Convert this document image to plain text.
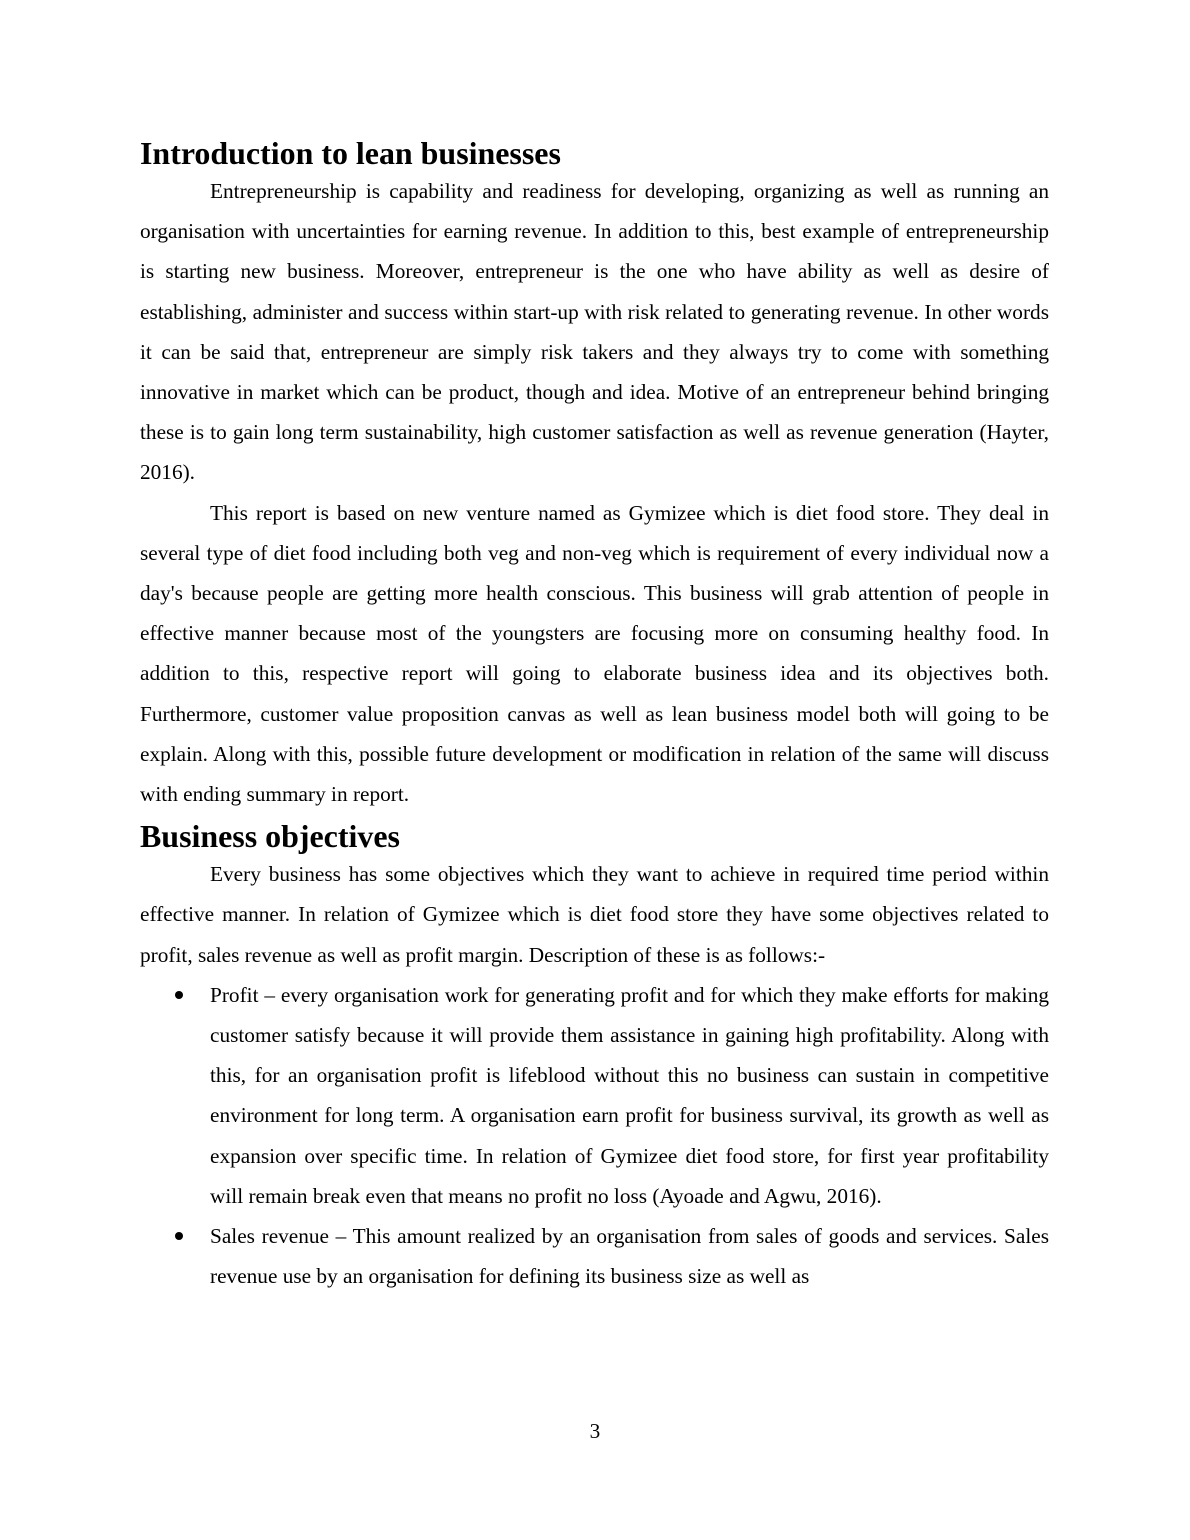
Introduction to lean businesses

Entrepreneurship is capability and readiness for developing, organizing as well as running an organisation with uncertainties for earning revenue. In addition to this, best example of entrepreneurship is starting new business. Moreover, entrepreneur is the one who have ability as well as desire of establishing, administer and success within start-up with risk related to generating revenue. In other words it can be said that, entrepreneur are simply risk takers and they always try to come with something innovative in market which can be product, though and idea. Motive of an entrepreneur behind bringing these is to gain long term sustainability, high customer satisfaction as well as revenue generation (Hayter, 2016).

This report is based on new venture named as Gymizee which is diet food store. They deal in several type of diet food including both veg and non-veg which is requirement of every individual now a day's because people are getting more health conscious. This business will grab attention of people in effective manner because most of the youngsters are focusing more on consuming healthy food. In addition to this, respective report will going to elaborate business idea and its objectives both. Furthermore, customer value proposition canvas as well as lean business model both will going to be explain. Along with this, possible future development or modification in relation of the same will discuss with ending summary in report.

Business objectives

Every business has some objectives which they want to achieve in required time period within effective manner. In relation of Gymizee which is diet food store they have some objectives related to profit, sales revenue as well as profit margin. Description of these is as follows:-

Profit – every organisation work for generating profit and for which they make efforts for making customer satisfy because it will provide them assistance in gaining high profitability. Along with this, for an organisation profit is lifeblood without this no business can sustain in competitive environment for long term. A organisation earn profit for business survival, its growth as well as expansion over specific time. In relation of Gymizee diet food store, for first year profitability will remain break even that means no profit no loss (Ayoade and Agwu, 2016).
Sales revenue – This amount realized by an organisation from sales of goods and services. Sales revenue use by an organisation for defining its business size as well as
3
